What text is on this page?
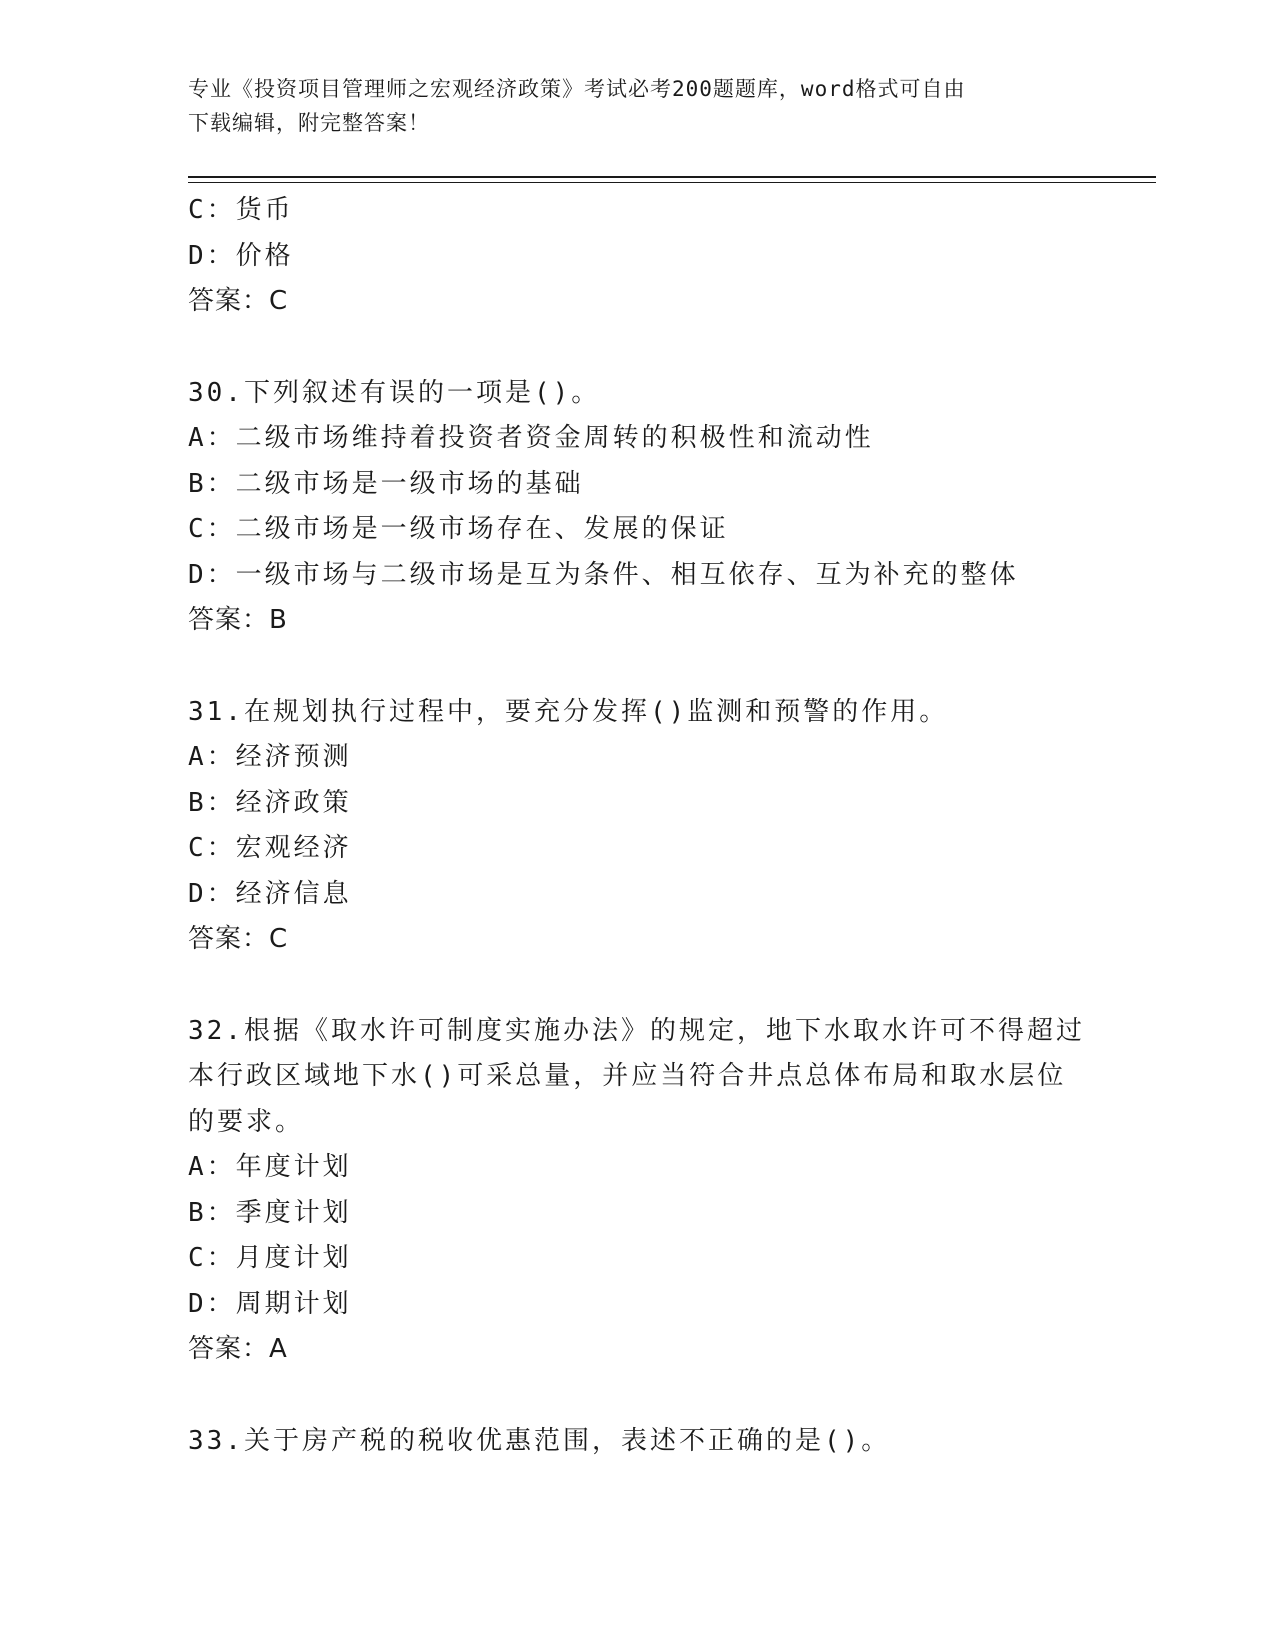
专业《投资项目管理师之宏观经济政策》考试必考200题题库，word格式可自由
下载编辑，附完整答案！
C：货币
D：价格
答案：C
30.下列叙述有误的一项是()。
A：二级市场维持着投资者资金周转的积极性和流动性
B：二级市场是一级市场的基础
C：二级市场是一级市场存在、发展的保证
D：一级市场与二级市场是互为条件、相互依存、互为补充的整体
答案：B
31.在规划执行过程中，要充分发挥()监测和预警的作用。
A：经济预测
B：经济政策
C：宏观经济
D：经济信息
答案：C
32.根据《取水许可制度实施办法》的规定，地下水取水许可不得超过
本行政区域地下水()可采总量，并应当符合井点总体布局和取水层位
的要求。
A：年度计划
B：季度计划
C：月度计划
D：周期计划
答案：A
33.关于房产税的税收优惠范围，表述不正确的是()。
